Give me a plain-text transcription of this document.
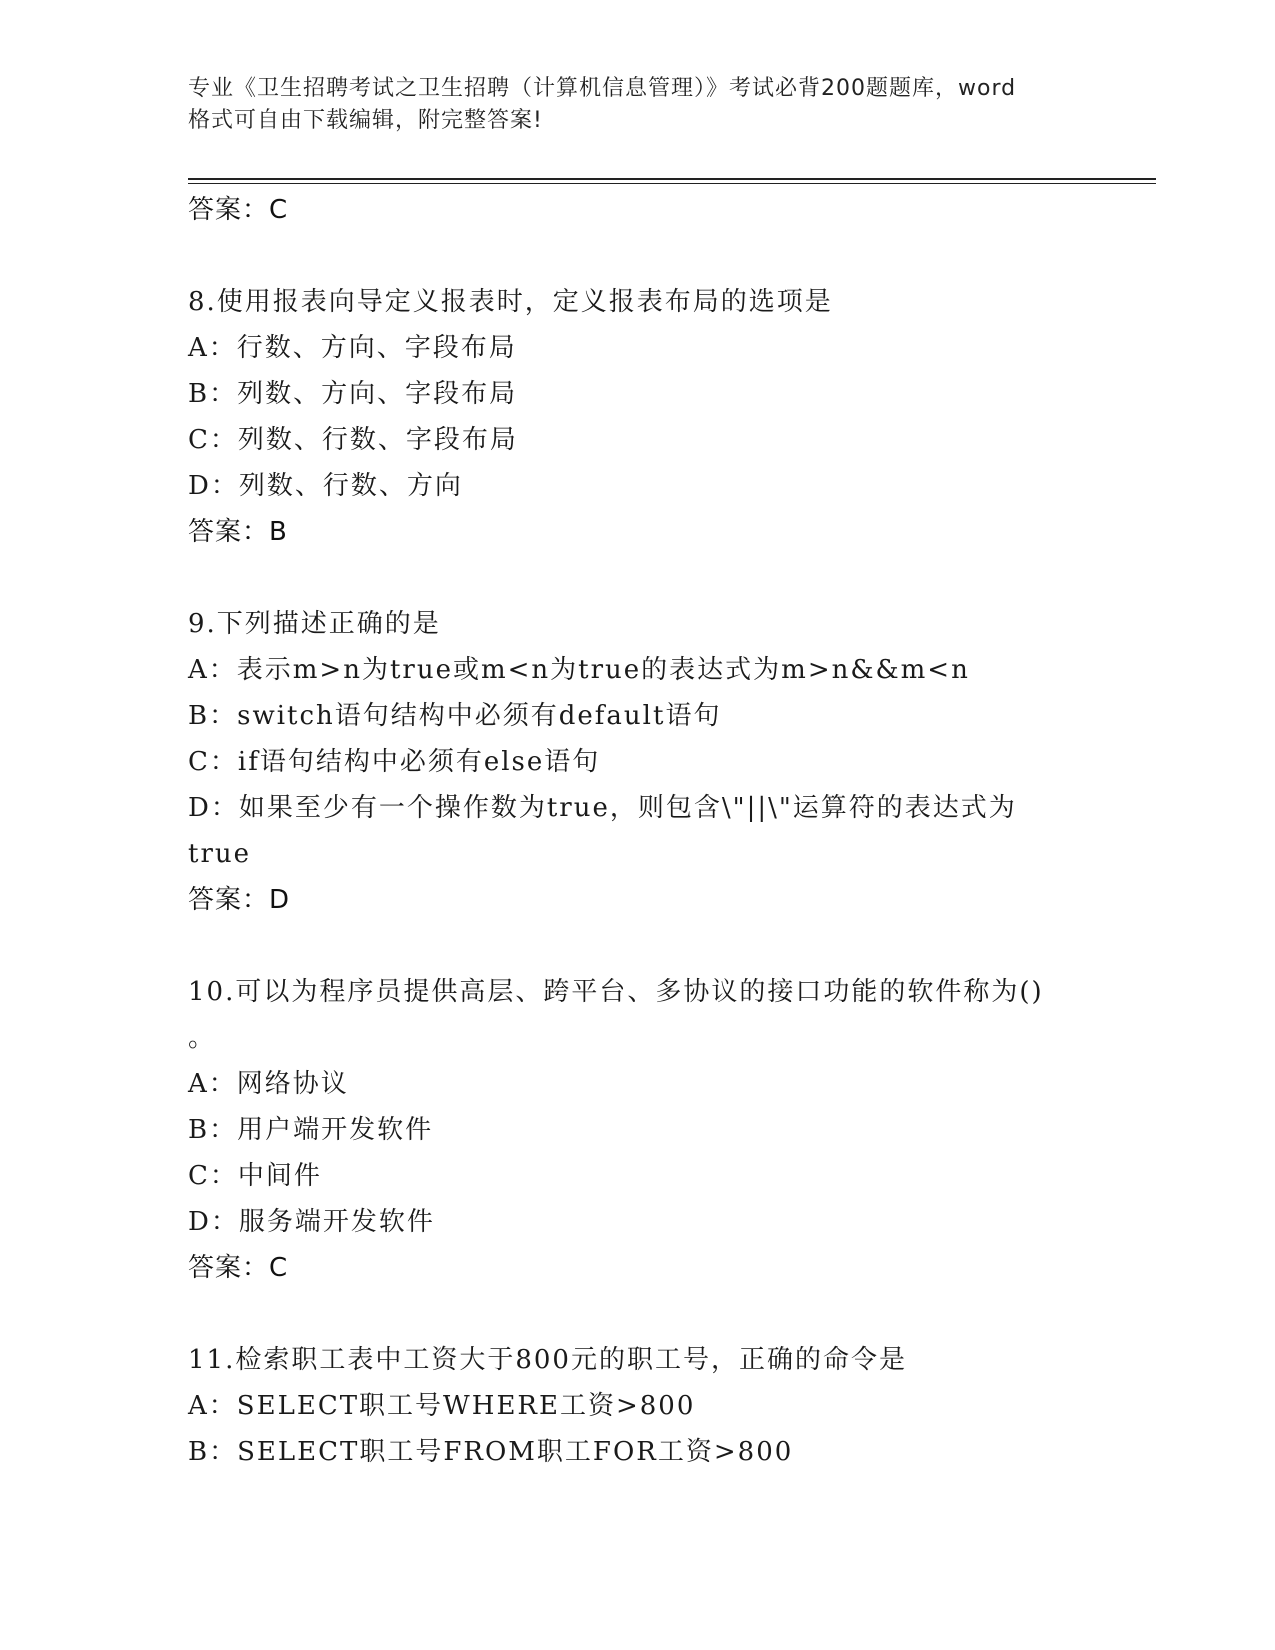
专业《卫生招聘考试之卫生招聘（计算机信息管理）》考试必背200题题库，word
格式可自由下载编辑，附完整答案!
答案：C
8.使用报表向导定义报表时，定义报表布局的选项是
A：行数、方向、字段布局
B：列数、方向、字段布局
C：列数、行数、字段布局
D：列数、行数、方向
答案：B
9.下列描述正确的是
A：表示m>n为true或m<n为true的表达式为m>n&&m<n
B：switch语句结构中必须有default语句
C：if语句结构中必须有else语句
D：如果至少有一个操作数为true，则包含\"||\"运算符的表达式为
true
答案：D
10.可以为程序员提供高层、跨平台、多协议的接口功能的软件称为()
。
A：网络协议
B：用户端开发软件
C：中间件
D：服务端开发软件
答案：C
11.检索职工表中工资大于800元的职工号，正确的命令是
A：SELECT职工号WHERE工资>800
B：SELECT职工号FROM职工FOR工资>800
